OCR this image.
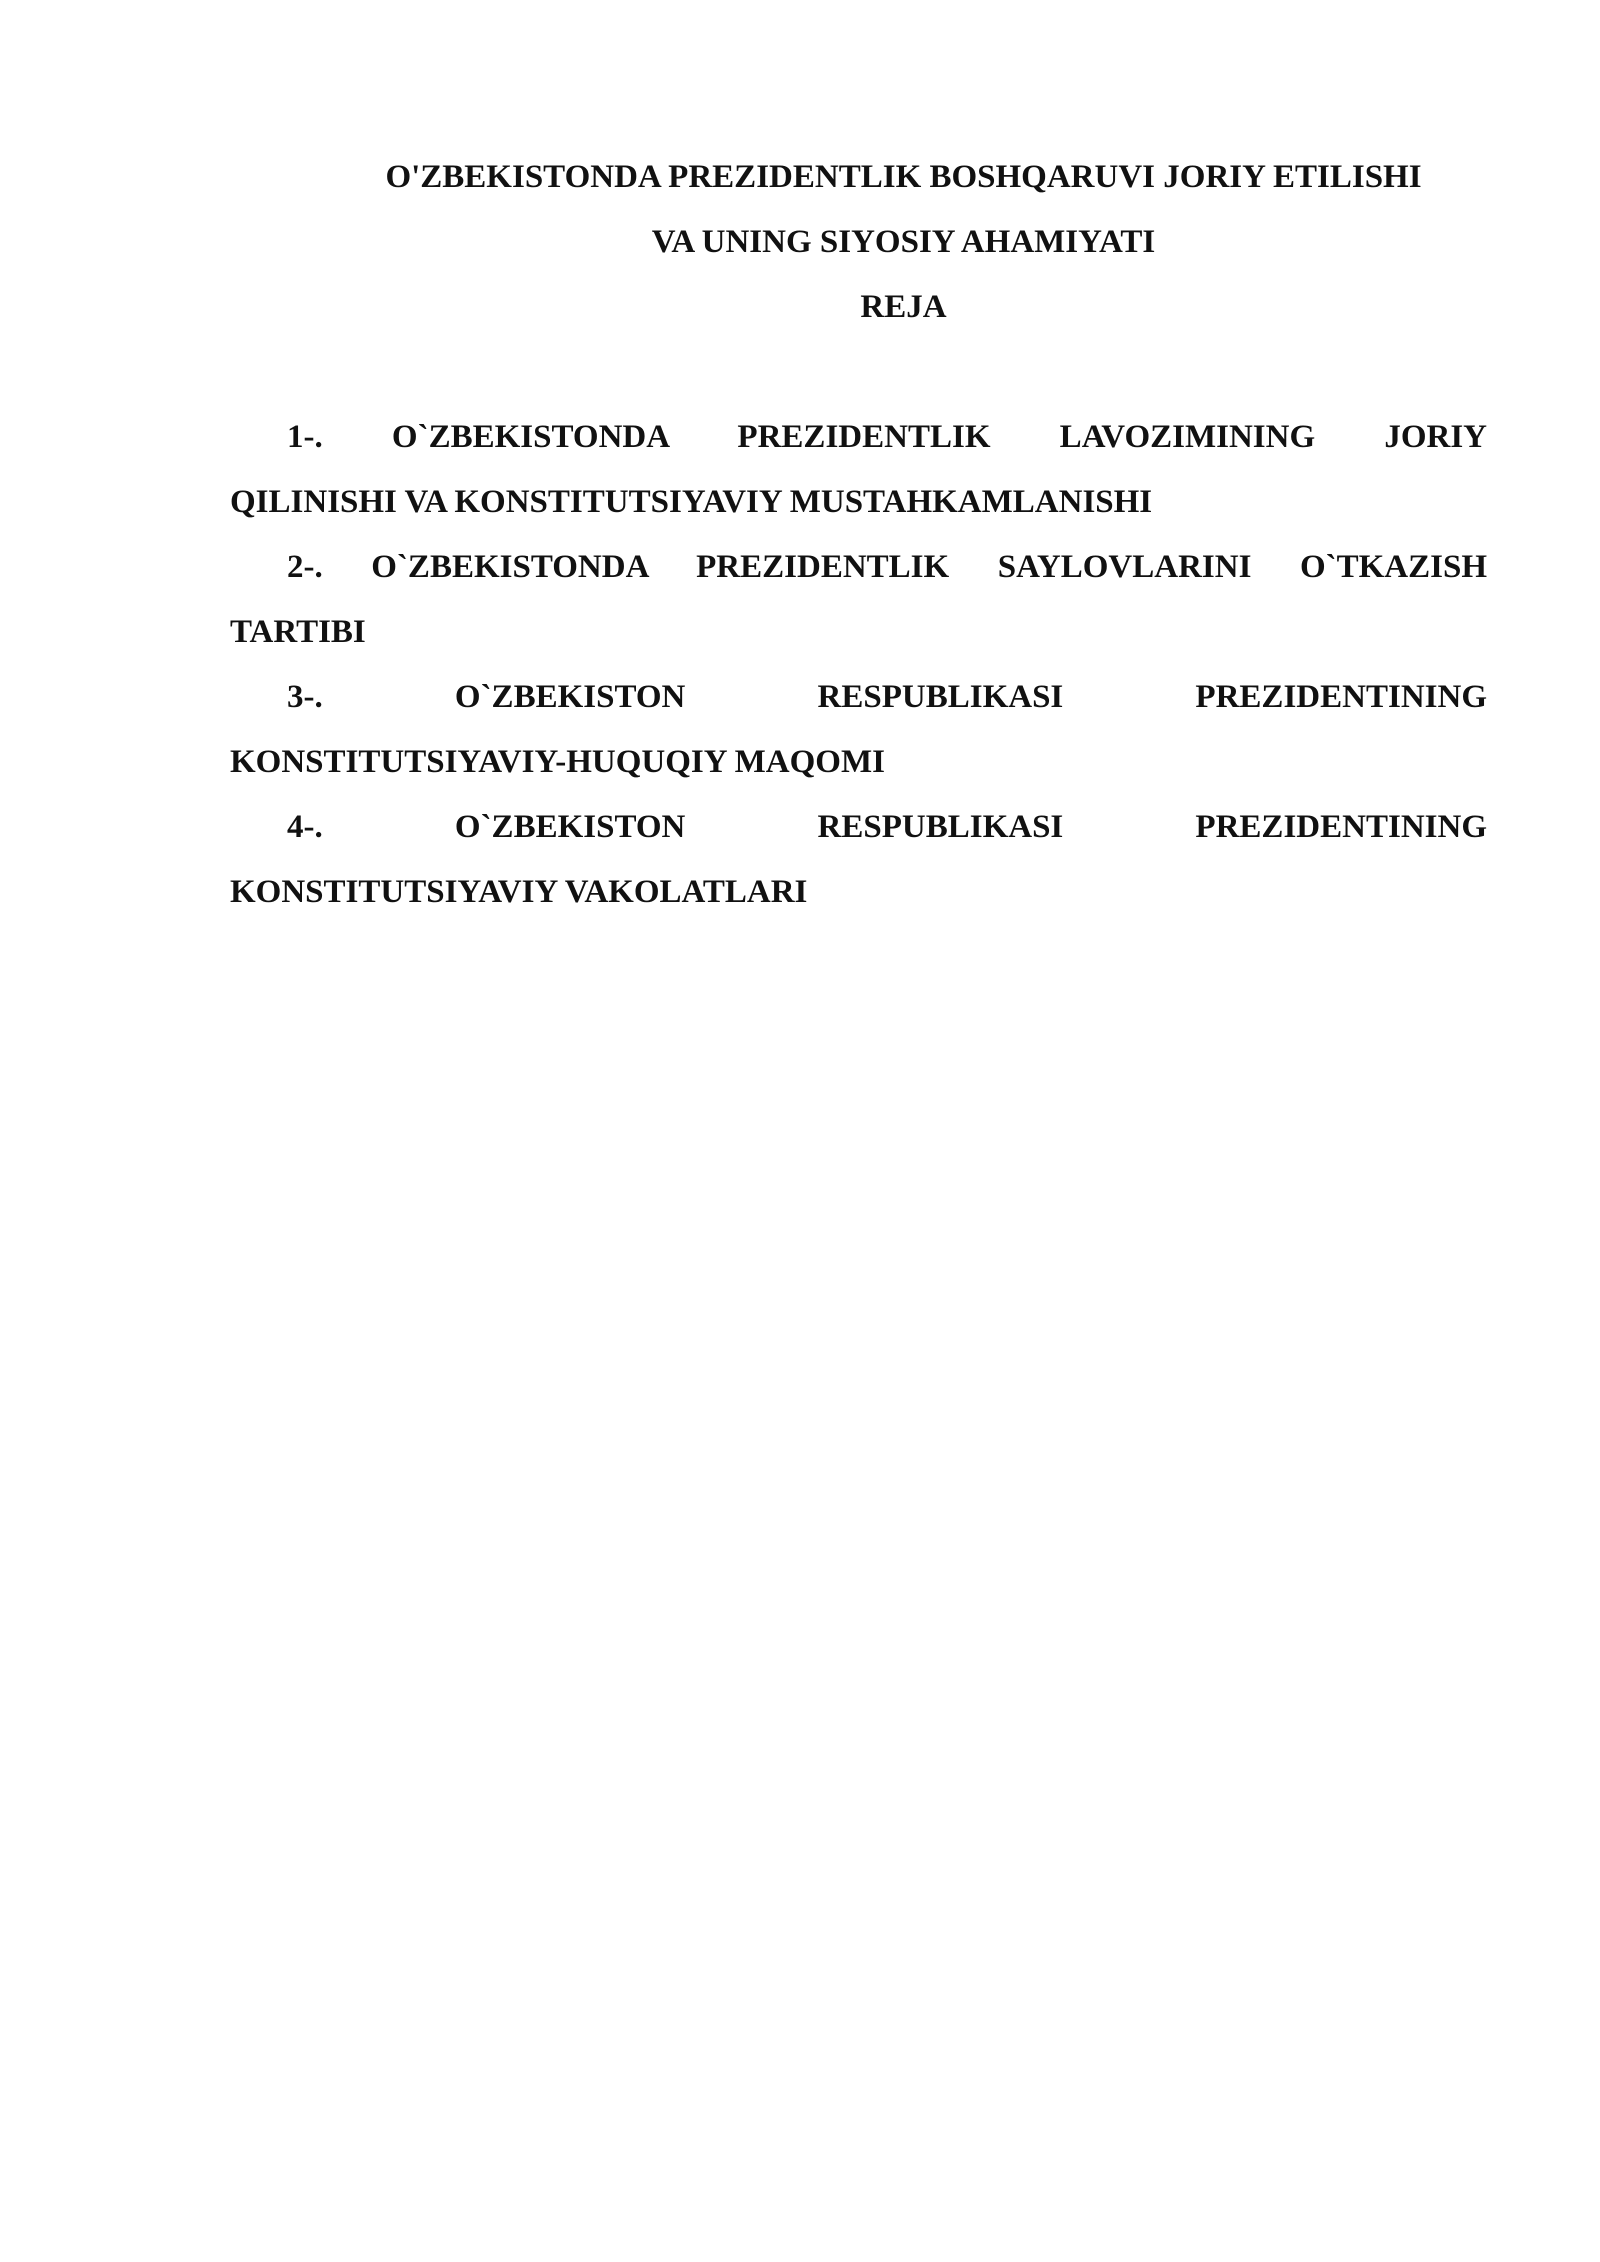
O'ZBEKISTONDA PREZIDENTLIK BOSHQARUVI JORIY ETILISHI

VA UNING SIYOSIY AHAMIYATI

REJA

1-. O`ZBEKISTONDA PREZIDENTLIK LAVOZIMINING JORIY
QILINISHI VA KONSTITUTSIYAVIY MUSTAHKAMLANISHI
2-. O`ZBEKISTONDA PREZIDENTLIK SAYLOVLARINI O`TKAZISH
TARTIBI
3-. O`ZBEKISTON RESPUBLIKASI PREZIDENTINING
KONSTITUTSIYAVIY-HUQUQIY MAQOMI
4-. O`ZBEKISTON RESPUBLIKASI PREZIDENTINING
KONSTITUTSIYAVIY VAKOLATLARI
